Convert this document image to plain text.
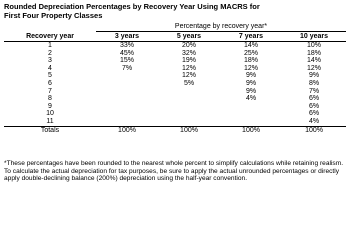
Rounded Depreciation Percentages by Recovery Year Using MACRS for
First Four Property Classes
	Percentage by recovery year*			
Recovery year	3 years	5 years	7 years	10 years
1	33%	20%	14%	10%
2	45%	32%	25%	18%
3	15%	19%	18%	14%
4	7%	12%	12%	12%
5		12%	9%	9%
6		5%	9%	8%
7			9%	7%
8			4%	6%
9				6%
10				6%
11				4%
Totals	100%	100%	100%	100%
*These percentages have been rounded to the nearest whole percent to simplify calculations while retaining realism. To calculate the actual depreciation for tax purposes, be sure to apply the actual unrounded percentages or directly apply double-declining balance (200%) depreciation using the half-year convention.
